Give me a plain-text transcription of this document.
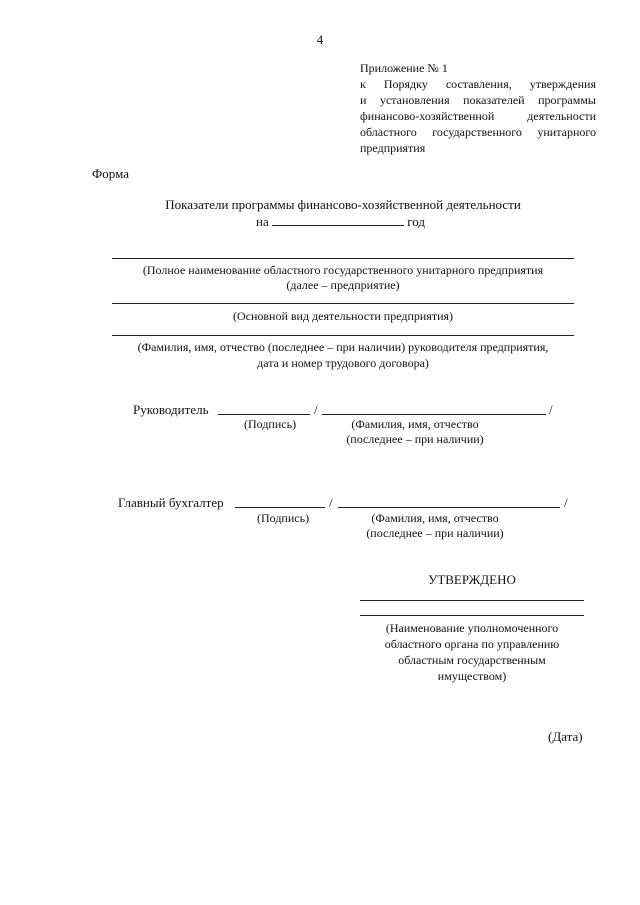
4
Приложение № 1
к Порядку составления, утверждения
и установления показателей программы
финансово-хозяйственной деятельности
областного государственного унитарного
предприятия
Форма
Показатели программы финансово-хозяйственной деятельности
на	год
(Полное наименование областного государственного унитарного предприятия
(далее – предприятие)
(Основной вид деятельности предприятия)
(Фамилия, имя, отчество (последнее – при наличии) руководителя предприятия,
дата и номер трудового договора)
Руководитель	/	/
(Подпись)	(Фамилия, имя, отчество
(последнее – при наличии)
Главный бухгалтер	/	/
(Подпись)	(Фамилия, имя, отчество
(последнее – при наличии)
УТВЕРЖДЕНО
(Наименование уполномоченного
областного органа по управлению
областным государственным
имуществом)
(Дата)
